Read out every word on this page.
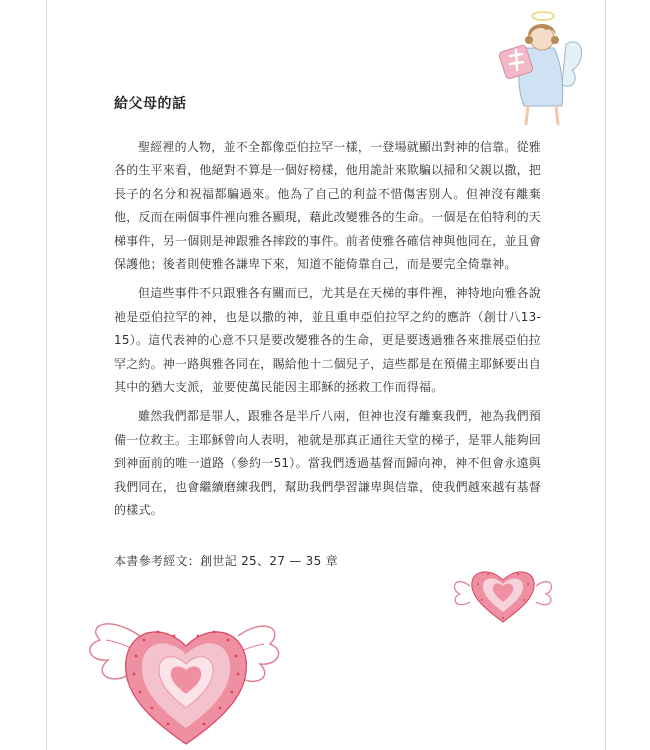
給父母的話

聖經裡的人物，並不全都像亞伯拉罕一樣，一登場就顯出對神的信靠。從雅各的生平來看，他絕對不算是一個好榜樣，他用詭計來欺騙以掃和父親以撒，把長子的名分和祝福都騙過來。他為了自己的利益不惜傷害別人。但神沒有離棄他，反而在兩個事件裡向雅各顯現，藉此改變雅各的生命。一個是在伯特利的天梯事件，另一個則是神跟雅各摔跤的事件。前者使雅各確信神與他同在，並且會保護他；後者則使雅各謙卑下來，知道不能倚靠自己，而是要完全倚靠神。

但這些事件不只跟雅各有關而已，尤其是在天梯的事件裡，神特地向雅各說祂是亞伯拉罕的神，也是以撒的神，並且重申亞伯拉罕之約的應許（創廿八13-15）。這代表神的心意不只是要改變雅各的生命，更是要透過雅各來推展亞伯拉罕之約。神一路與雅各同在，賜給他十二個兒子，這些都是在預備主耶穌要出自其中的猶大支派，並要使萬民能因主耶穌的拯救工作而得福。

雖然我們都是罪人，跟雅各是半斤八兩，但神也沒有離棄我們，祂為我們預備一位救主。主耶穌曾向人表明，祂就是那真正通往天堂的梯子，是罪人能夠回到神面前的唯一道路（參約一51）。當我們透過基督而歸向神，神不但會永遠與我們同在，也會繼續磨練我們，幫助我們學習謙卑與信靠，使我們越來越有基督的樣式。

本書參考經文：創世記 25、27 — 35 章
